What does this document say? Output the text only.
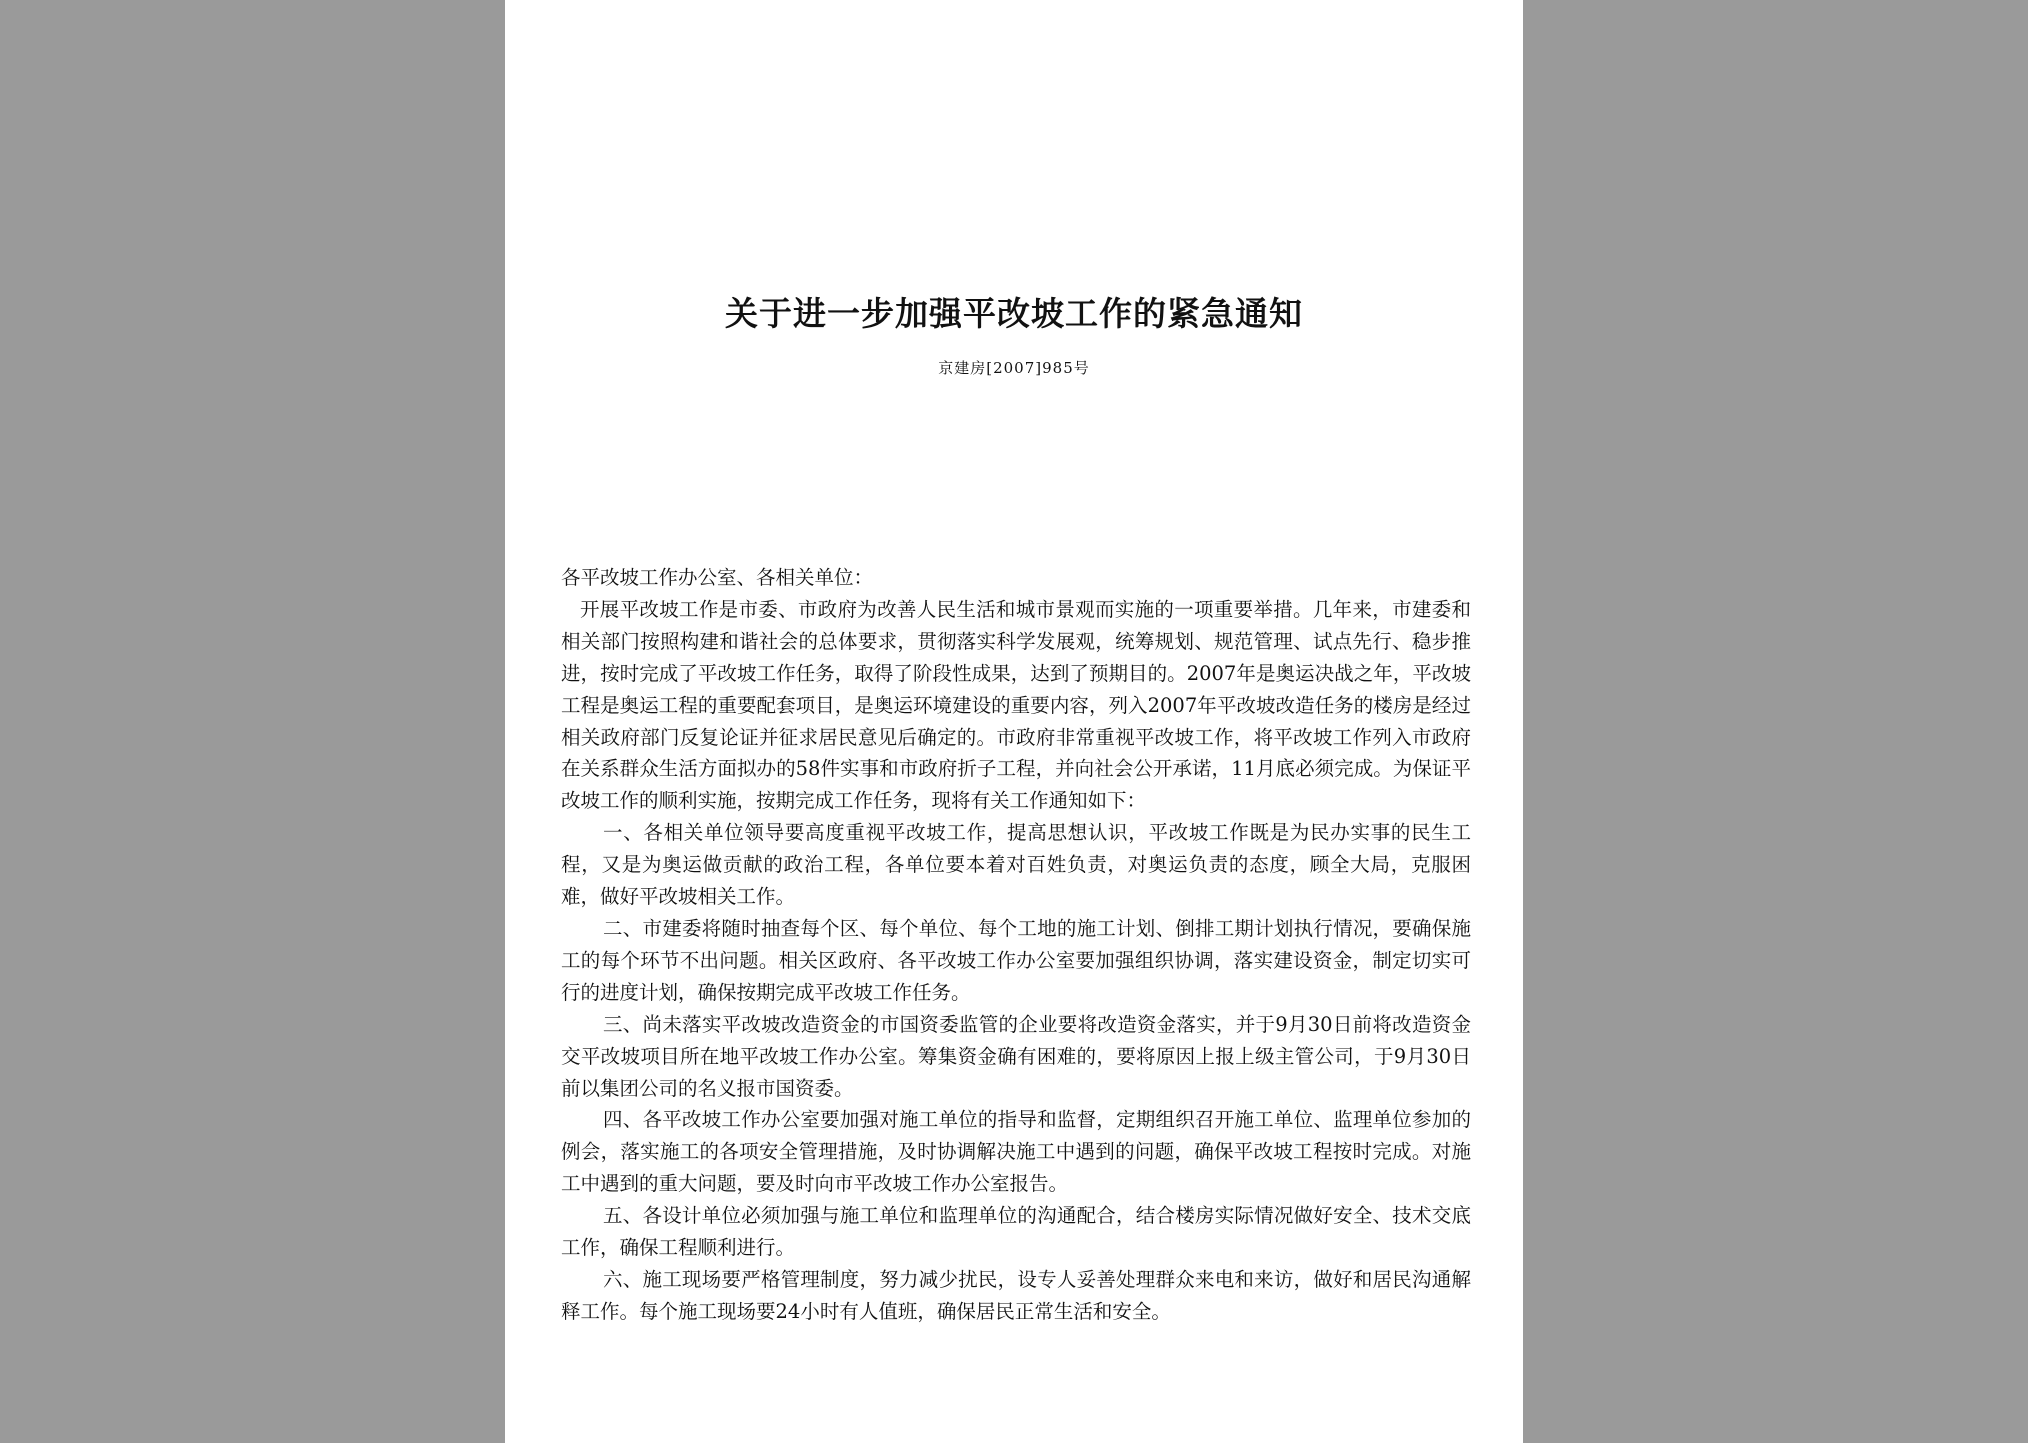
关于进一步加强平改坡工作的紧急通知

京建房[2007]985号

各平改坡工作办公室、各相关单位：

开展平改坡工作是市委、市政府为改善人民生活和城市景观而实施的一项重要举措。几年来，市建委和相关部门按照构建和谐社会的总体要求，贯彻落实科学发展观，统筹规划、规范管理、试点先行、稳步推进，按时完成了平改坡工作任务，取得了阶段性成果，达到了预期目的。2007年是奥运决战之年，平改坡工程是奥运工程的重要配套项目，是奥运环境建设的重要内容，列入2007年平改坡改造任务的楼房是经过相关政府部门反复论证并征求居民意见后确定的。市政府非常重视平改坡工作，将平改坡工作列入市政府在关系群众生活方面拟办的58件实事和市政府折子工程，并向社会公开承诺，11月底必须完成。为保证平改坡工作的顺利实施，按期完成工作任务，现将有关工作通知如下：

一、各相关单位领导要高度重视平改坡工作，提高思想认识，平改坡工作既是为民办实事的民生工程，又是为奥运做贡献的政治工程，各单位要本着对百姓负责，对奥运负责的态度，顾全大局，克服困难，做好平改坡相关工作。

二、市建委将随时抽查每个区、每个单位、每个工地的施工计划、倒排工期计划执行情况，要确保施工的每个环节不出问题。相关区政府、各平改坡工作办公室要加强组织协调，落实建设资金，制定切实可行的进度计划，确保按期完成平改坡工作任务。

三、尚未落实平改坡改造资金的市国资委监管的企业要将改造资金落实，并于9月30日前将改造资金交平改坡项目所在地平改坡工作办公室。筹集资金确有困难的，要将原因上报上级主管公司，于9月30日前以集团公司的名义报市国资委。

四、各平改坡工作办公室要加强对施工单位的指导和监督，定期组织召开施工单位、监理单位参加的例会，落实施工的各项安全管理措施，及时协调解决施工中遇到的问题，确保平改坡工程按时完成。对施工中遇到的重大问题，要及时向市平改坡工作办公室报告。

五、各设计单位必须加强与施工单位和监理单位的沟通配合，结合楼房实际情况做好安全、技术交底工作，确保工程顺利进行。

六、施工现场要严格管理制度，努力减少扰民，设专人妥善处理群众来电和来访，做好和居民沟通解释工作。每个施工现场要24小时有人值班，确保居民正常生活和安全。
